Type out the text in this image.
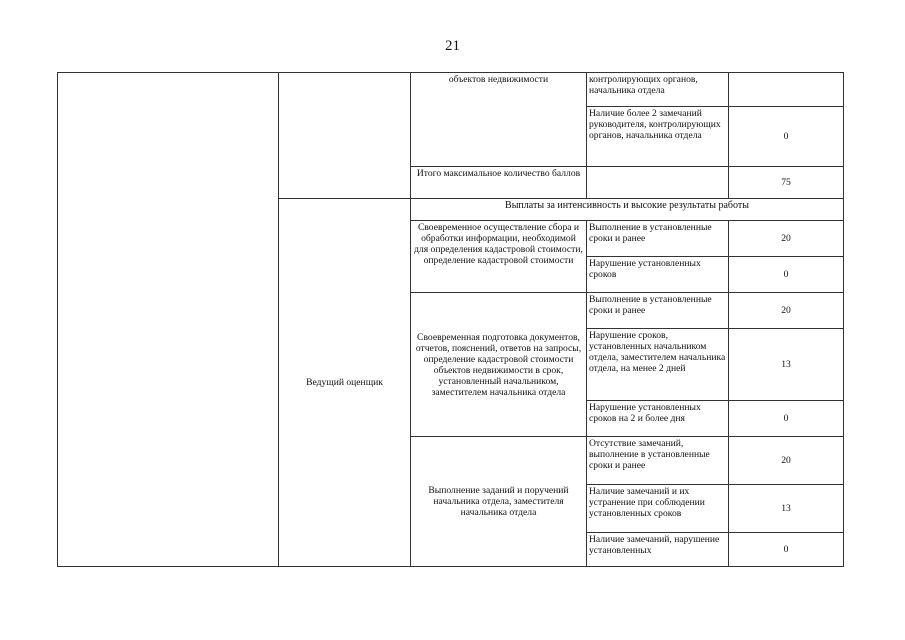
21
		объектов недвижимости	контролирующих органов, начальника отдела	
			Наличие более 2 замечаний руководителя, контролирующих органов, начальника отдела	0
		Итого максимальное количество баллов		75

	Ведущий оценщик	Выплаты за интенсивность и высокие результаты работы		
		Своевременное осуществление сбора и обработки информации, необходимой для определения кадастровой стоимости, определение кадастровой стоимости	Выполнение в установленные сроки и ранее	20
			Нарушение установленных сроков	0
		Своевременная подготовка документов, отчетов, пояснений, ответов на запросы, определение кадастровой стоимости объектов недвижимости в срок, установленный начальником, заместителем начальника отдела	Выполнение в установленные сроки и ранее	20
			Нарушение сроков, установленных начальником отдела, заместителем начальника отдела, на менее 2 дней	13
			Нарушение установленных сроков на 2 и более дня	0
		Выполнение заданий и поручений начальника отдела, заместителя начальника отдела	Отсутствие замечаний, выполнение в установленные сроки и ранее	20
			Наличие замечаний и их устранение при соблюдении установленных сроков	13
			Наличие замечаний, нарушение установленных	0
